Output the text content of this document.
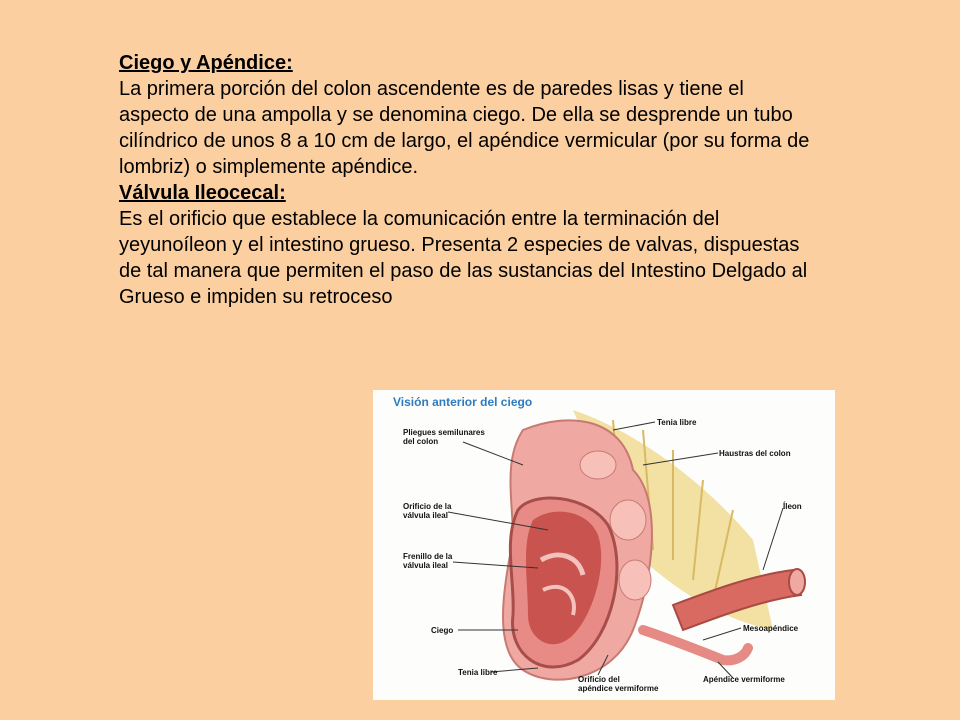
Ciego y Apéndice:
La primera porción del colon ascendente es de paredes lisas y tiene el aspecto de una ampolla y se denomina ciego. De ella se desprende un tubo cilíndrico de unos 8 a 10 cm de largo, el apéndice vermicular (por su forma de lombriz) o simplemente apéndice.
Válvula Ileocecal:
Es el orificio que establece la comunicación entre la terminación del yeyunoíleon y el intestino grueso. Presenta 2 especies de valvas, dispuestas de tal manera que permiten el paso de las sustancias del Intestino Delgado al Grueso e impiden su retroceso
Visión anterior del ciego
Tenia libre
Pliegues semilunares
del colon
Haustras del colon
Orificio de la
válvula ileal
Íleon
Frenillo de la
válvula ileal
Mesoapéndice
Ciego
Tenia libre
Orificio del
apéndice vermiforme
Apéndice vermiforme
